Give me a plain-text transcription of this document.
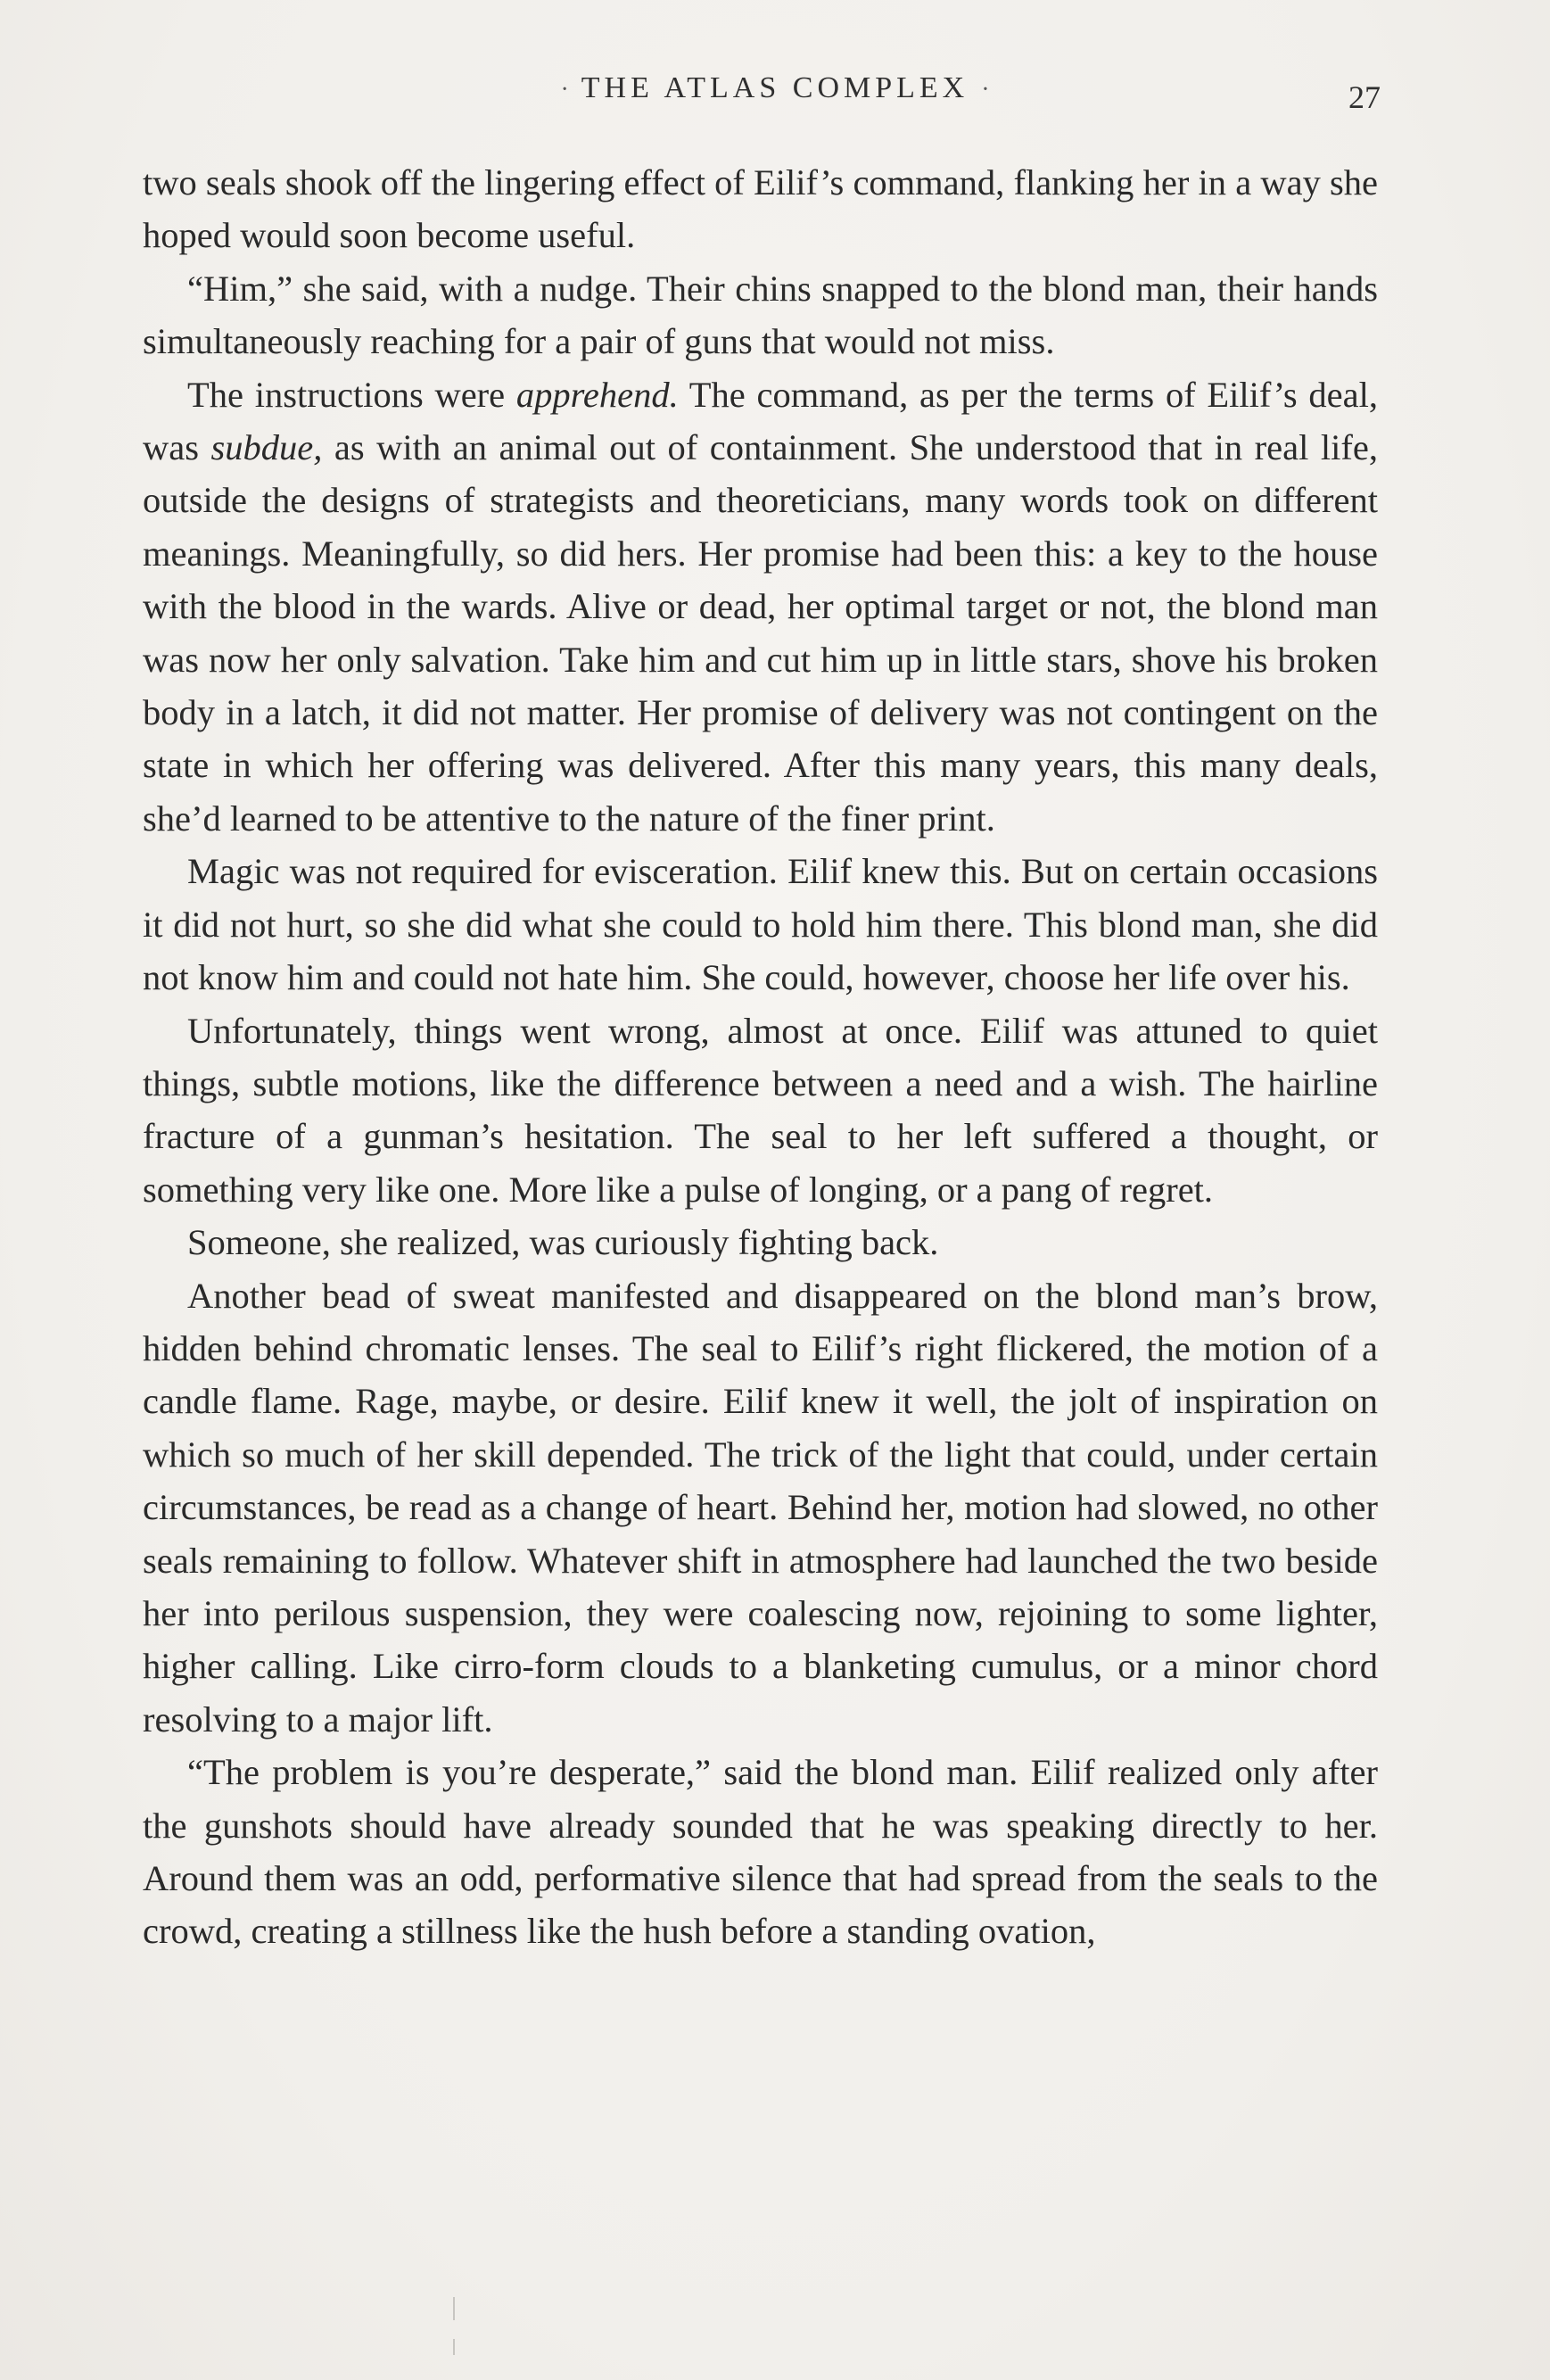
· THE ATLAS COMPLEX ·	27

two seals shook off the lingering effect of Eilif’s command, flanking her in a way she hoped would soon become useful.

“Him,” she said, with a nudge. Their chins snapped to the blond man, their hands simultaneously reaching for a pair of guns that would not miss.

The instructions were apprehend. The command, as per the terms of Eilif’s deal, was subdue, as with an animal out of containment. She understood that in real life, outside the designs of strategists and theoreticians, many words took on different meanings. Meaningfully, so did hers. Her promise had been this: a key to the house with the blood in the wards. Alive or dead, her optimal target or not, the blond man was now her only salvation. Take him and cut him up in little stars, shove his broken body in a latch, it did not matter. Her promise of delivery was not contingent on the state in which her offering was delivered. After this many years, this many deals, she’d learned to be attentive to the nature of the finer print.

Magic was not required for evisceration. Eilif knew this. But on certain occasions it did not hurt, so she did what she could to hold him there. This blond man, she did not know him and could not hate him. She could, however, choose her life over his.

Unfortunately, things went wrong, almost at once. Eilif was attuned to quiet things, subtle motions, like the difference between a need and a wish. The hairline fracture of a gunman’s hesitation. The seal to her left suffered a thought, or something very like one. More like a pulse of longing, or a pang of regret.

Someone, she realized, was curiously fighting back.

Another bead of sweat manifested and disappeared on the blond man’s brow, hidden behind chromatic lenses. The seal to Eilif’s right flickered, the motion of a candle flame. Rage, maybe, or desire. Eilif knew it well, the jolt of inspiration on which so much of her skill depended. The trick of the light that could, under certain circumstances, be read as a change of heart. Behind her, motion had slowed, no other seals remaining to follow. Whatever shift in atmosphere had launched the two beside her into perilous suspension, they were coalescing now, rejoining to some lighter, higher calling. Like cirro-form clouds to a blanketing cumulus, or a minor chord resolving to a major lift.

“The problem is you’re desperate,” said the blond man. Eilif realized only after the gunshots should have already sounded that he was speaking directly to her. Around them was an odd, performative silence that had spread from the seals to the crowd, creating a stillness like the hush before a standing ovation,
